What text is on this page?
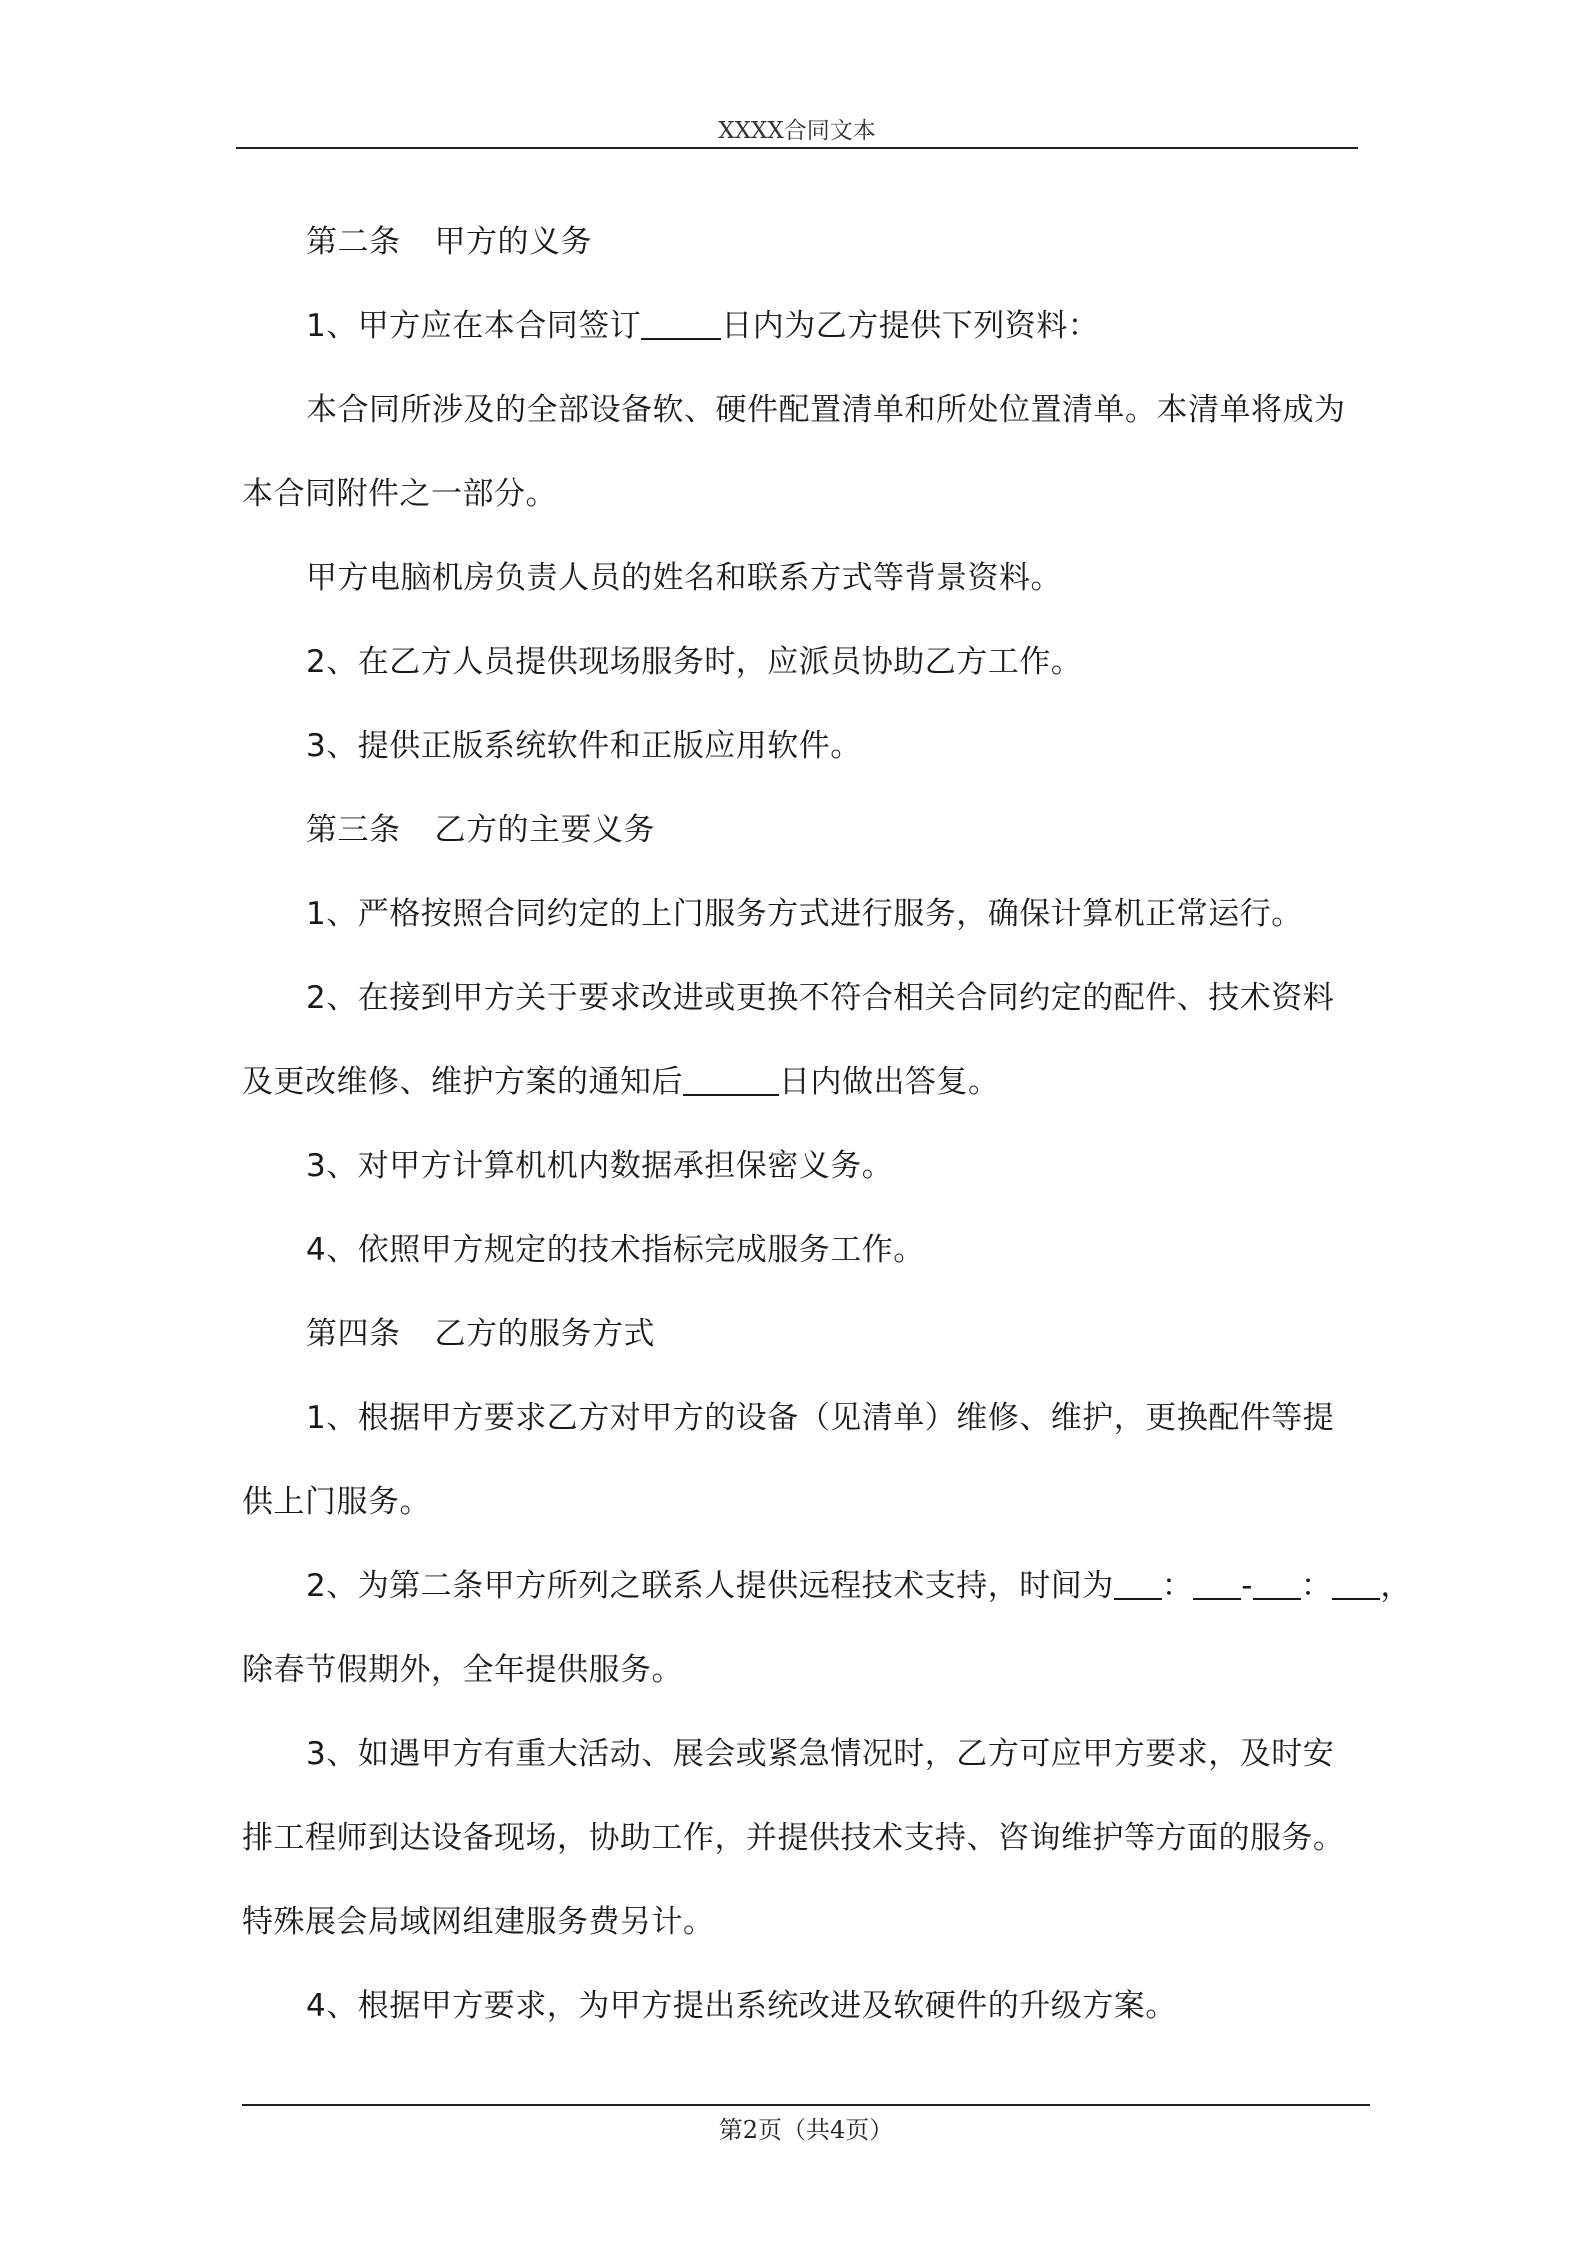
XXXX合同文本

第二条 甲方的义务

1、甲方应在本合同签订	日内为乙方提供下列资料：

本合同所涉及的全部设备软、硬件配置清单和所处位置清单。本清单将成为

本合同附件之一部分。

甲方电脑机房负责人员的姓名和联系方式等背景资料。

2、在乙方人员提供现场服务时，应派员协助乙方工作。

3、提供正版系统软件和正版应用软件。

第三条 乙方的主要义务

1、严格按照合同约定的上门服务方式进行服务，确保计算机正常运行。

2、在接到甲方关于要求改进或更换不符合相关合同约定的配件、技术资料

及更改维修、维护方案的通知后	日内做出答复。

3、对甲方计算机机内数据承担保密义务。

4、依照甲方规定的技术指标完成服务工作。

第四条 乙方的服务方式

1、根据甲方要求乙方对甲方的设备（见清单）维修、维护，更换配件等提

供上门服务。

2、为第二条甲方所列之联系人提供远程技术支持，时间为 ： - ： ，

除春节假期外，全年提供服务。

3、如遇甲方有重大活动、展会或紧急情况时，乙方可应甲方要求，及时安

排工程师到达设备现场，协助工作，并提供技术支持、咨询维护等方面的服务。

特殊展会局域网组建服务费另计。

4、根据甲方要求，为甲方提出系统改进及软硬件的升级方案。

第2页（共4页）
